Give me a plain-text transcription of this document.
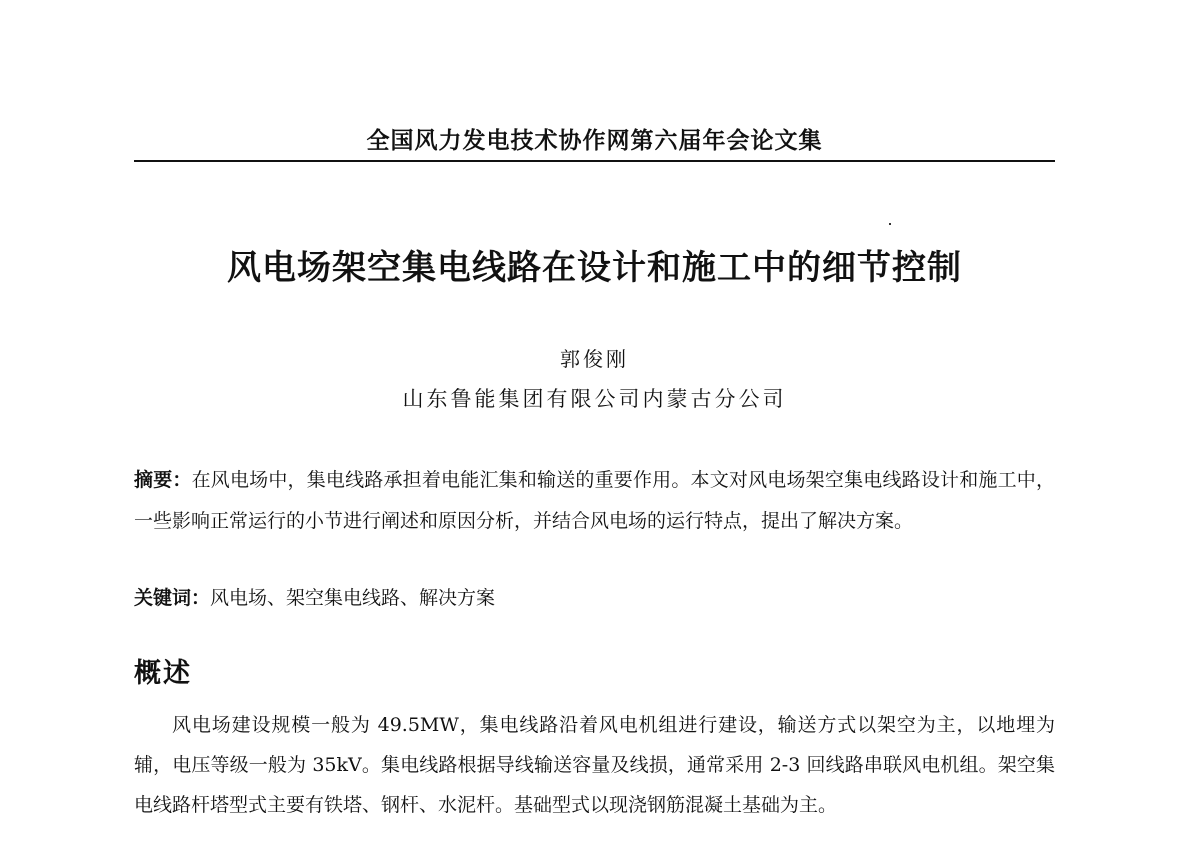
全国风力发电技术协作网第六届年会论文集
风电场架空集电线路在设计和施工中的细节控制
郭俊刚
山东鲁能集团有限公司内蒙古分公司
摘要：在风电场中，集电线路承担着电能汇集和输送的重要作用。本文对风电场架空集电线路设计和施工中，一些影响正常运行的小节进行阐述和原因分析，并结合风电场的运行特点，提出了解决方案。
关键词：风电场、架空集电线路、解决方案
概述
风电场建设规模一般为 49.5MW，集电线路沿着风电机组进行建设，输送方式以架空为主，以地埋为辅，电压等级一般为 35kV。集电线路根据导线输送容量及线损，通常采用 2-3 回线路串联风电机组。架空集电线路杆塔型式主要有铁塔、钢杆、水泥杆。基础型式以现浇钢筋混凝土基础为主。
